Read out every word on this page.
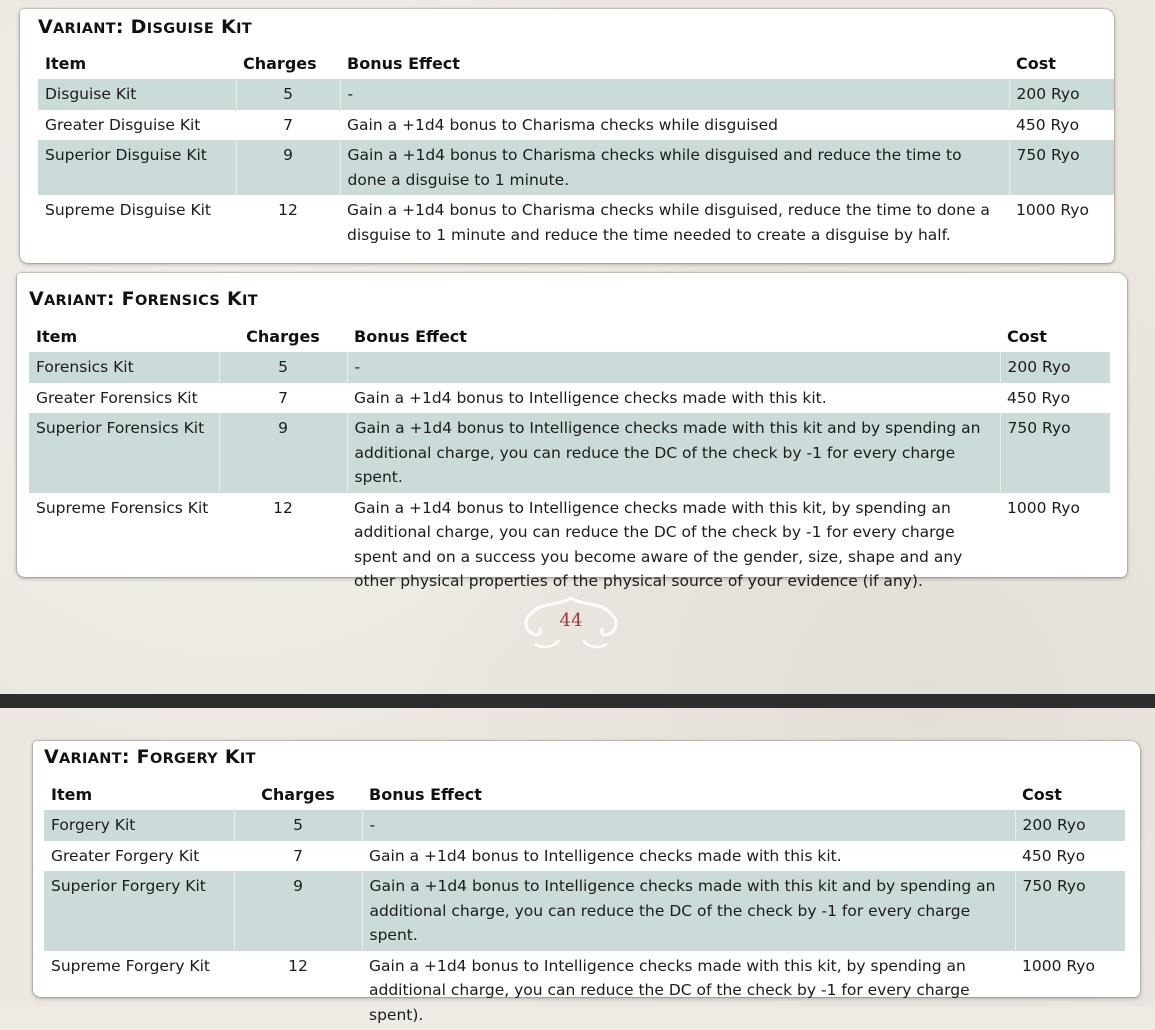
VARIANT: DISGUISE KIT
Item	Charges	Bonus Effect	Cost
Disguise Kit	5	-	200 Ryo
Greater Disguise Kit	7	Gain a +1d4 bonus to Charisma checks while disguised	450 Ryo
Superior Disguise Kit	9	Gain a +1d4 bonus to Charisma checks while disguised and reduce the time to done a disguise to 1 minute.	750 Ryo
Supreme Disguise Kit	12	Gain a +1d4 bonus to Charisma checks while disguised, reduce the time to done a disguise to 1 minute and reduce the time needed to create a disguise by half.	1000 Ryo
VARIANT: FORENSICS KIT
Item	Charges	Bonus Effect	Cost
Forensics Kit	5	-	200 Ryo
Greater Forensics Kit	7	Gain a +1d4 bonus to Intelligence checks made with this kit.	450 Ryo
Superior Forensics Kit	9	Gain a +1d4 bonus to Intelligence checks made with this kit and by spending an additional charge, you can reduce the DC of the check by -1 for every charge spent.	750 Ryo
Supreme Forensics Kit	12	Gain a +1d4 bonus to Intelligence checks made with this kit, by spending an additional charge, you can reduce the DC of the check by -1 for every charge spent and on a success you become aware of the gender, size, shape and any other physical properties of the physical source of your evidence (if any).	1000 Ryo
44
VARIANT: FORGERY KIT
Item	Charges	Bonus Effect	Cost
Forgery Kit	5	-	200 Ryo
Greater Forgery Kit	7	Gain a +1d4 bonus to Intelligence checks made with this kit.	450 Ryo
Superior Forgery Kit	9	Gain a +1d4 bonus to Intelligence checks made with this kit and by spending an additional charge, you can reduce the DC of the check by -1 for every charge spent.	750 Ryo
Supreme Forgery Kit	12	Gain a +1d4 bonus to Intelligence checks made with this kit, by spending an additional charge, you can reduce the DC of the check by -1 for every charge spent).	1000 Ryo
